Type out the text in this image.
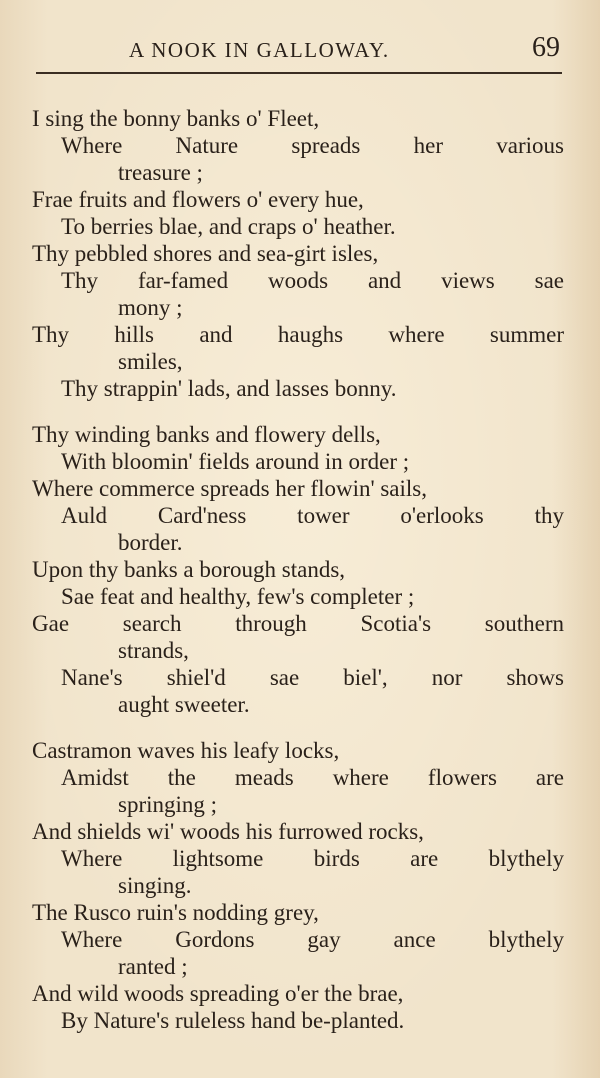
A NOOK IN GALLOWAY.	69
I sing the bonny banks o' Fleet,
Where Nature spreads her various
treasure ;
Frae fruits and flowers o' every hue,
To berries blae, and craps o' heather.
Thy pebbled shores and sea-girt isles,
Thy far-famed woods and views sae
mony ;
Thy hills and haughs where summer
smiles,
Thy strappin' lads, and lasses bonny.
Thy winding banks and flowery dells,
With bloomin' fields around in order ;
Where commerce spreads her flowin' sails,
Auld Card'ness tower o'erlooks thy
border.
Upon thy banks a borough stands,
Sae feat and healthy, few's completer ;
Gae search through Scotia's southern
strands,
Nane's shiel'd sae biel', nor shows
aught sweeter.
Castramon waves his leafy locks,
Amidst the meads where flowers are
springing ;
And shields wi' woods his furrowed rocks,
Where lightsome birds are blythely
singing.
The Rusco ruin's nodding grey,
Where Gordons gay ance blythely
ranted ;
And wild woods spreading o'er the brae,
By Nature's ruleless hand be-planted.
